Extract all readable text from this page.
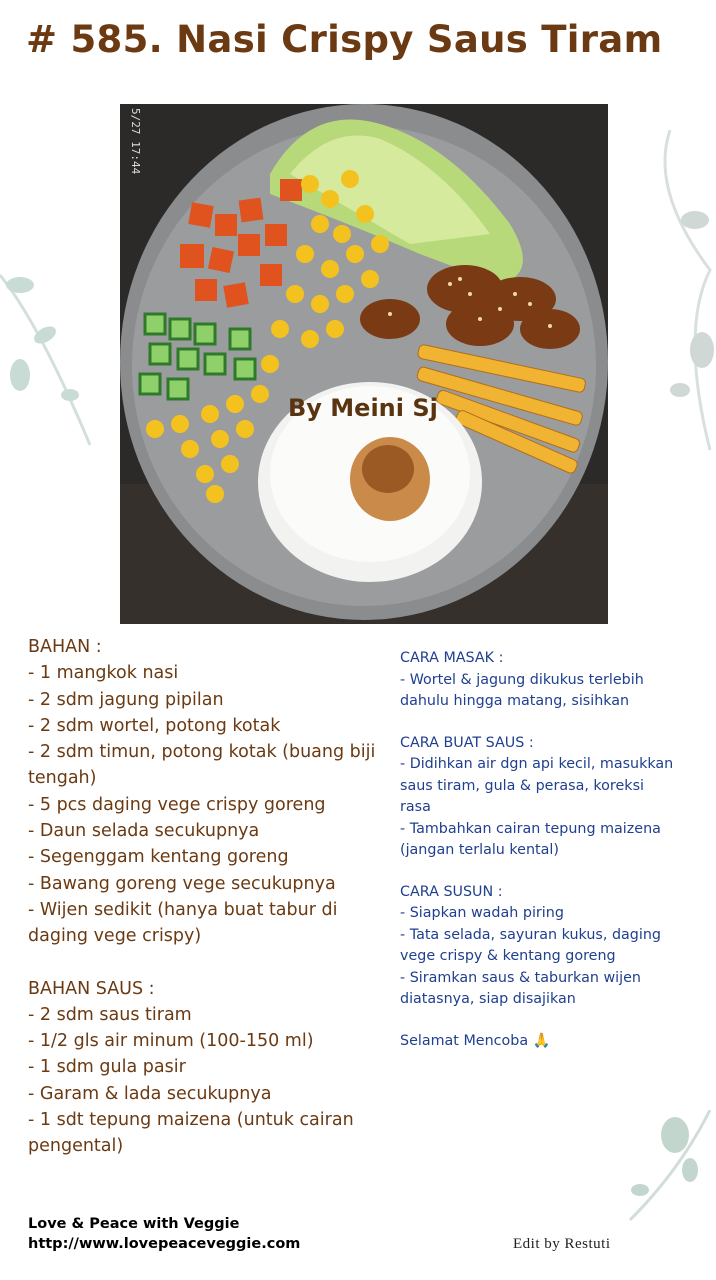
# 585. Nasi Crispy Saus Tiram
5/27 17:44
By Meini Sj
BAHAN :
- 1 mangkok nasi
- 2 sdm jagung pipilan
- 2 sdm wortel, potong kotak
- 2 sdm timun, potong kotak (buang biji
tengah)
- 5 pcs daging vege crispy goreng
- Daun selada secukupnya
- Segenggam kentang goreng
- Bawang goreng vege secukupnya
- Wijen sedikit (hanya buat tabur di
daging vege crispy)
BAHAN SAUS :
- 2 sdm saus tiram
- 1/2 gls air minum (100-150 ml)
- 1 sdm gula pasir
- Garam & lada secukupnya
- 1 sdt tepung maizena (untuk cairan
pengental)
CARA MASAK :
- Wortel & jagung dikukus terlebih
dahulu hingga matang, sisihkan
CARA BUAT SAUS :
- Didihkan air dgn api kecil, masukkan
saus tiram, gula & perasa, koreksi
rasa
- Tambahkan cairan tepung maizena
(jangan terlalu kental)
CARA SUSUN :
- Siapkan wadah piring
- Tata selada, sayuran kukus, daging
vege crispy & kentang goreng
- Siramkan saus & taburkan wijen
diatasnya, siap disajikan
Selamat Mencoba 🙏
Love & Peace with Veggie
http://www.lovepeaceveggie.com	Edit by Restuti
